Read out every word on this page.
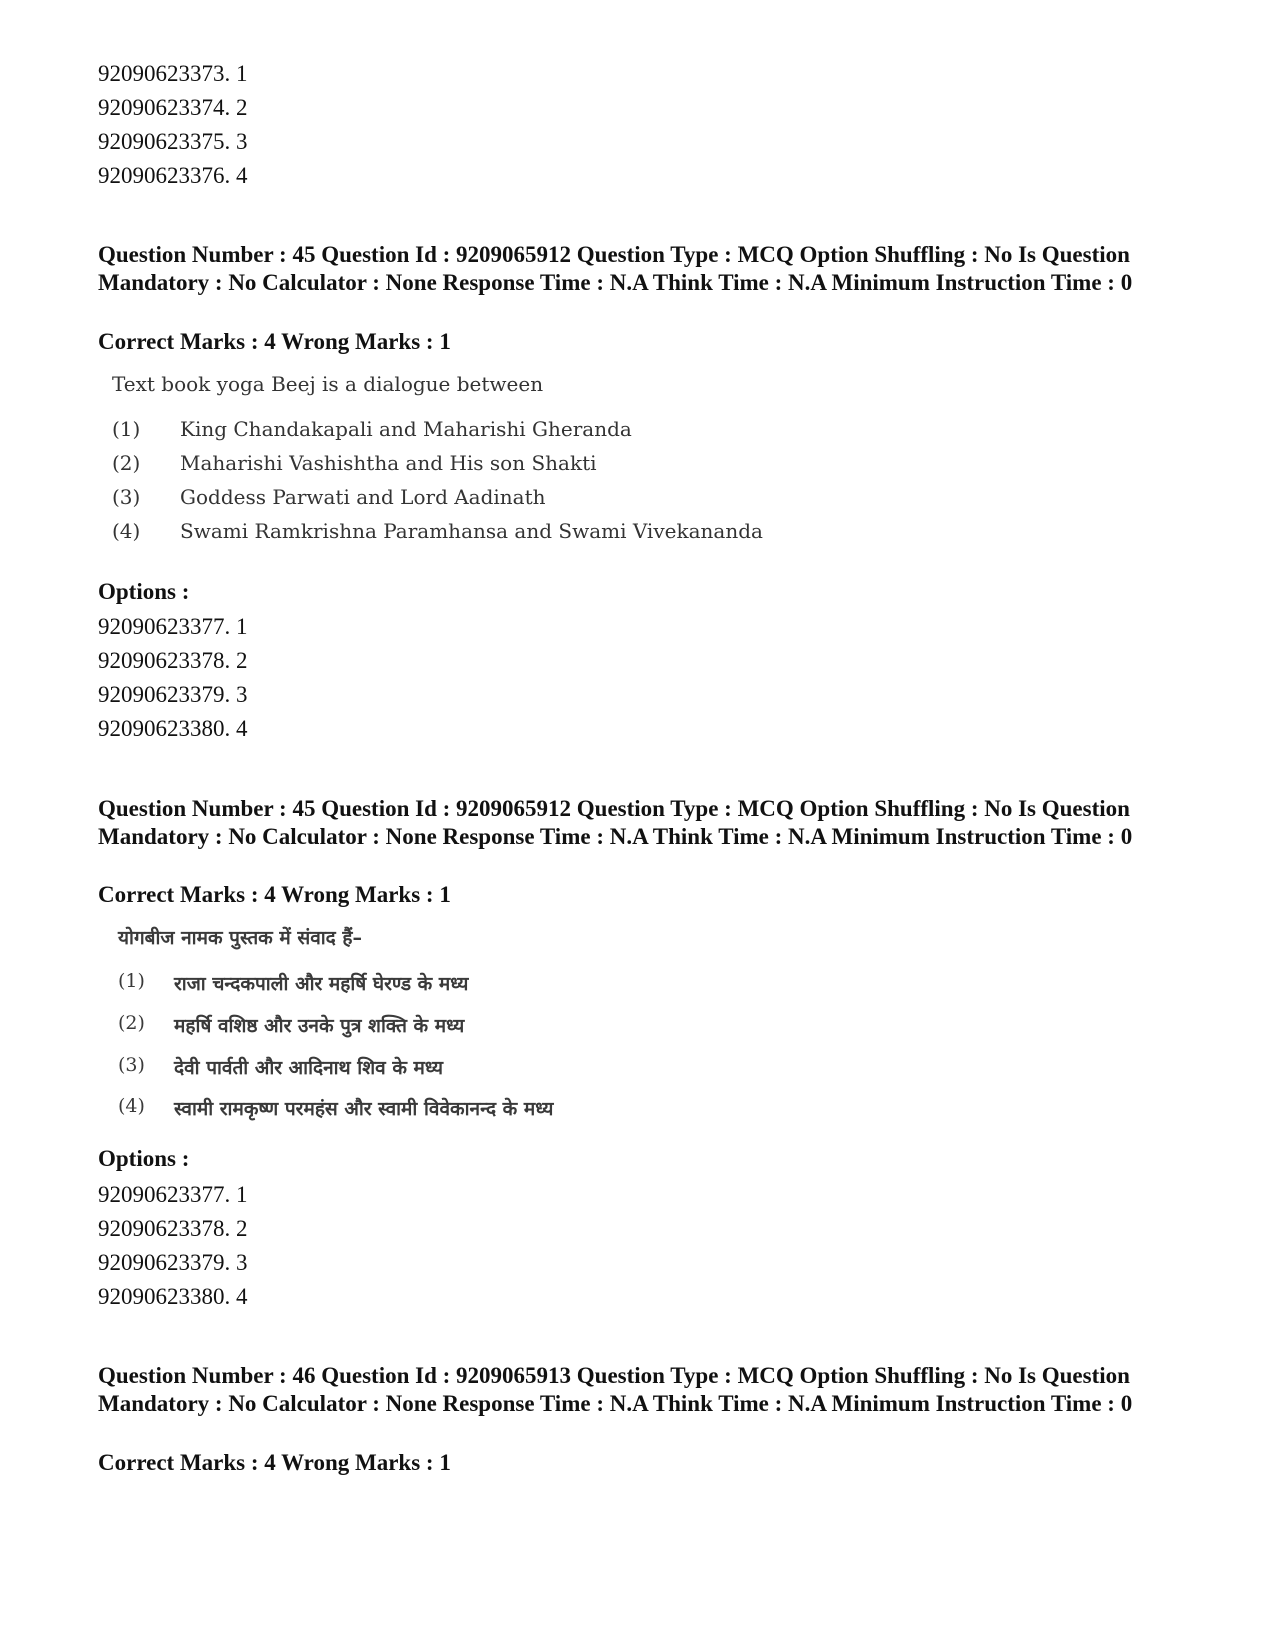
92090623373. 1
92090623374. 2
92090623375. 3
92090623376. 4
Question Number : 45 Question Id : 9209065912 Question Type : MCQ Option Shuffling : No Is Question Mandatory : No Calculator : None Response Time : N.A Think Time : N.A Minimum Instruction Time : 0
Correct Marks : 4 Wrong Marks : 1
Text book yoga Beej is a dialogue between
(1) King Chandakapali and Maharishi Gheranda
(2) Maharishi Vashishtha and His son Shakti
(3) Goddess Parwati and Lord Aadinath
(4) Swami Ramkrishna Paramhansa and Swami Vivekananda
Options :
92090623377. 1
92090623378. 2
92090623379. 3
92090623380. 4
Question Number : 45 Question Id : 9209065912 Question Type : MCQ Option Shuffling : No Is Question Mandatory : No Calculator : None Response Time : N.A Think Time : N.A Minimum Instruction Time : 0
Correct Marks : 4 Wrong Marks : 1
योगबीज नामक पुस्तक में संवाद हैं–
(1) राजा चन्दकपाली और महर्षि घेरण्ड के मध्य
(2) महर्षि वशिष्ठ और उनके पुत्र शक्ति के मध्य
(3) देवी पार्वती और आदिनाथ शिव के मध्य
(4) स्वामी रामकृष्ण परमहंस और स्वामी विवेकानन्द के मध्य
Options :
92090623377. 1
92090623378. 2
92090623379. 3
92090623380. 4
Question Number : 46 Question Id : 9209065913 Question Type : MCQ Option Shuffling : No Is Question Mandatory : No Calculator : None Response Time : N.A Think Time : N.A Minimum Instruction Time : 0
Correct Marks : 4 Wrong Marks : 1
